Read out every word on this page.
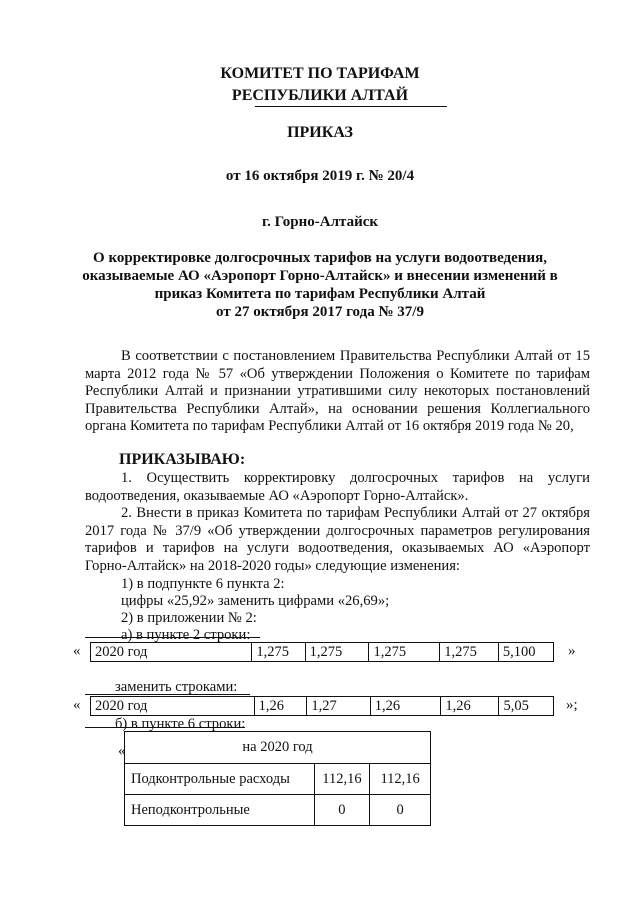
КОМИТЕТ ПО ТАРИФАМ
РЕСПУБЛИКИ АЛТАЙ
ПРИКАЗ
от 16 октября 2019 г. № 20/4
г. Горно-Алтайск
О корректировке долгосрочных тарифов на услуги водоотведения,
оказываемые АО «Аэропорт Горно-Алтайск» и внесении изменений в
приказ Комитета по тарифам Республики Алтай
от 27 октября 2017 года № 37/9
В соответствии с постановлением Правительства Республики Алтай от 15 марта 2012 года № 57 «Об утверждении Положения о Комитете по тарифам Республики Алтай и признании утратившими силу некоторых постановлений Правительства Республики Алтай», на основании решения Коллегиального органа Комитета по тарифам Республики Алтай от 16 октября 2019 года № 20,
ПРИКАЗЫВАЮ:
1. Осуществить корректировку долгосрочных тарифов на услуги водоотведения, оказываемые АО «Аэропорт Горно-Алтайск».
2. Внести в приказ Комитета по тарифам Республики Алтай от 27 октября 2017 года № 37/9 «Об утверждении долгосрочных параметров регулирования тарифов и тарифов на услуги водоотведения, оказываемых АО «Аэропорт Горно-Алтайск» на 2018-2020 годы» следующие изменения:
1) в подпункте 6 пункта 2:
цифры «25,92» заменить цифрами «26,69»;
2) в приложении № 2:
а) в пункте 2 строки:
« 2020 год	1,275	1,275	1,275	1,275	5,100 »
заменить строками:
« 2020 год	1,26	1,27	1,26	1,26	5,05 »;
б) в пункте 6 строки:
«	на 2020 год		
Подконтрольные расходы	112,16	112,16
Неподконтрольные	0	0
